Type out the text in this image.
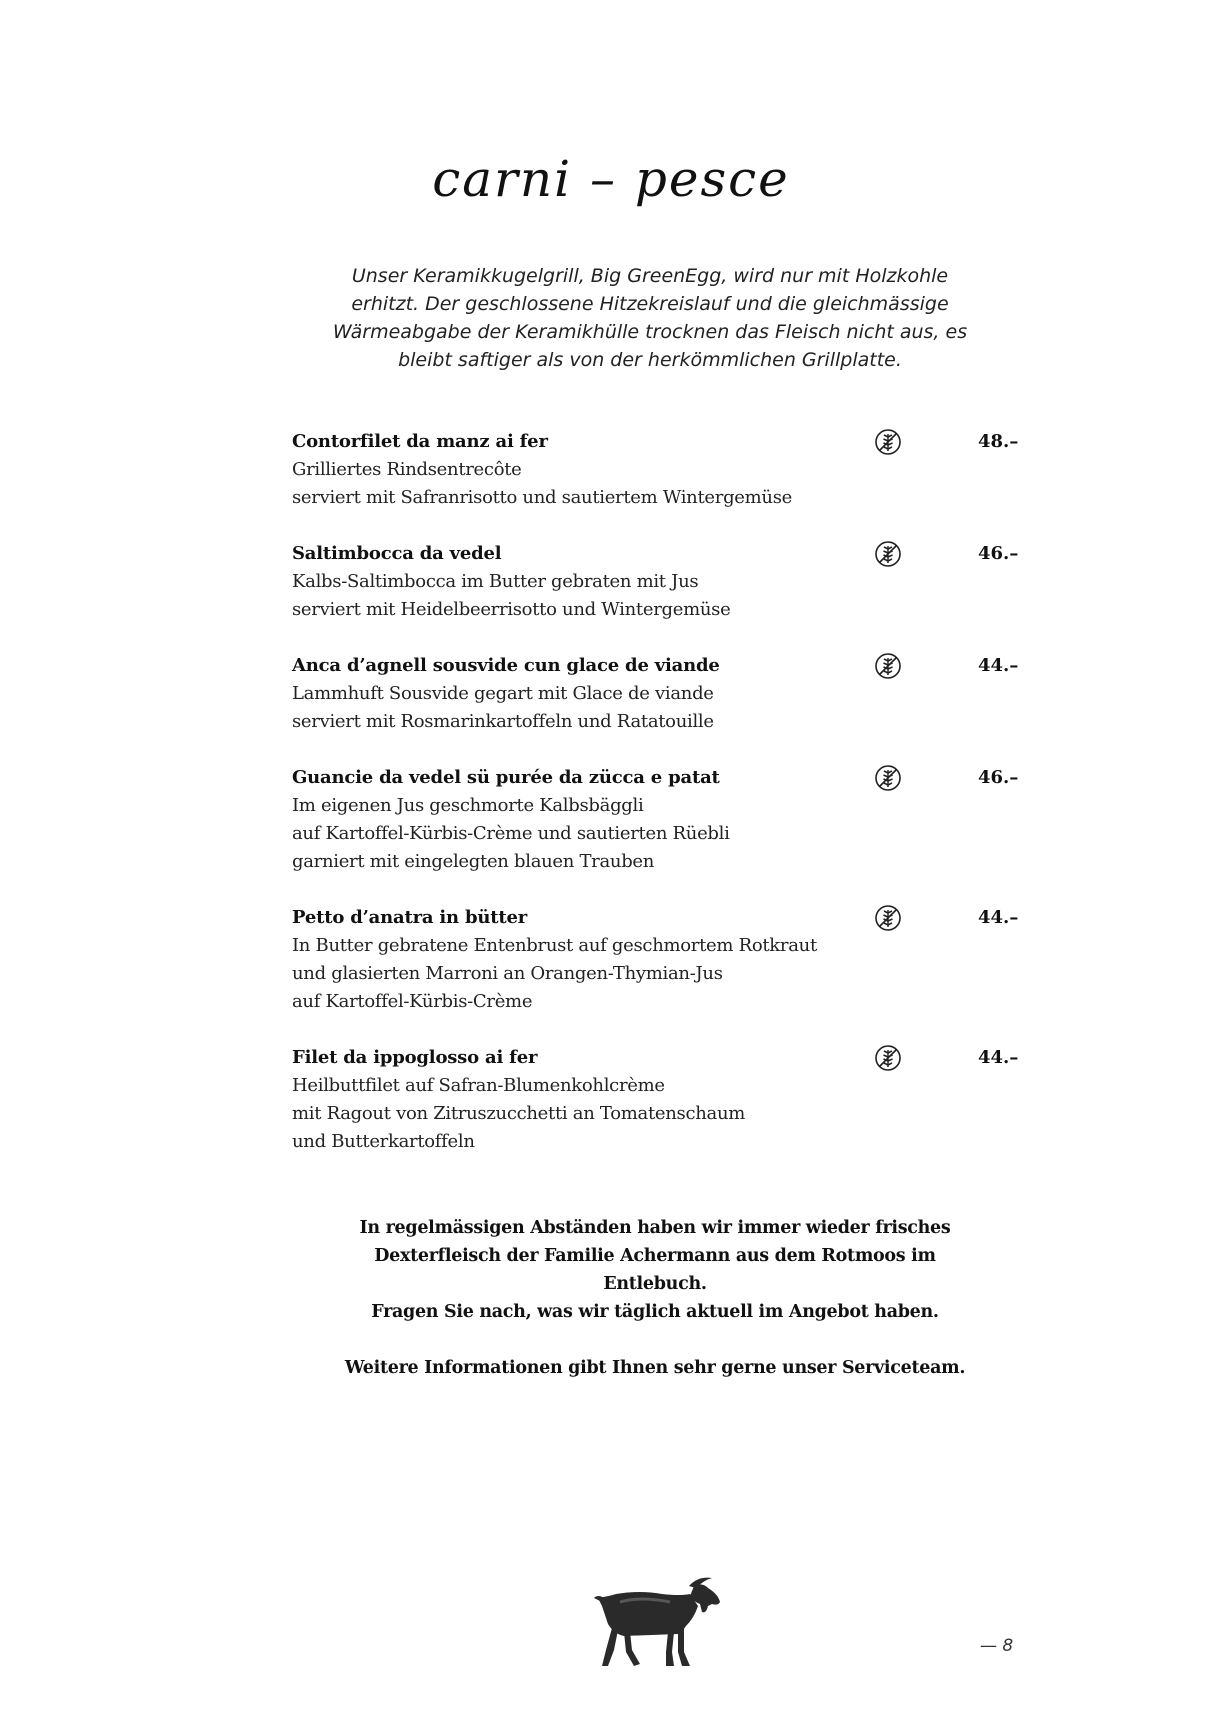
carni – pesce
Unser Keramikkugelgrill, Big GreenEgg, wird nur mit Holzkohle
erhitzt. Der geschlossene Hitzekreislauf und die gleichmässige
Wärmeabgabe der Keramikhülle trocknen das Fleisch nicht aus, es
bleibt saftiger als von der herkömmlichen Grillplatte.
Contorfilet da manz ai fer
Grilliertes Rindsentrecôte
serviert mit Safranrisotto und sautiertem Wintergemüse
48.–
Saltimbocca da vedel
Kalbs-Saltimbocca im Butter gebraten mit Jus
serviert mit Heidelbeerrisotto und Wintergemüse
46.–
Anca d’agnell sousvide cun glace de viande
Lammhuft Sousvide gegart mit Glace de viande
serviert mit Rosmarinkartoffeln und Ratatouille
44.–
Guancie da vedel sü purée da zücca e patat
Im eigenen Jus geschmorte Kalbsbäggli
auf Kartoffel-Kürbis-Crème und sautierten Rüebli
garniert mit eingelegten blauen Trauben
46.–
Petto d’anatra in bütter
In Butter gebratene Entenbrust auf geschmortem Rotkraut
und glasierten Marroni an Orangen-Thymian-Jus
auf Kartoffel-Kürbis-Crème
44.–
Filet da ippoglosso ai fer
Heilbuttfilet auf Safran-Blumenkohlcrème
mit Ragout von Zitruszucchetti an Tomatenschaum
und Butterkartoffeln
44.–

In regelmässigen Abständen haben wir immer wieder frisches

Dexterfleisch der Familie Achermann aus dem Rotmoos im

Entlebuch.

Fragen Sie nach, was wir täglich aktuell im Angebot haben.

Weitere Informationen gibt Ihnen sehr gerne unser Serviceteam.

— 8
